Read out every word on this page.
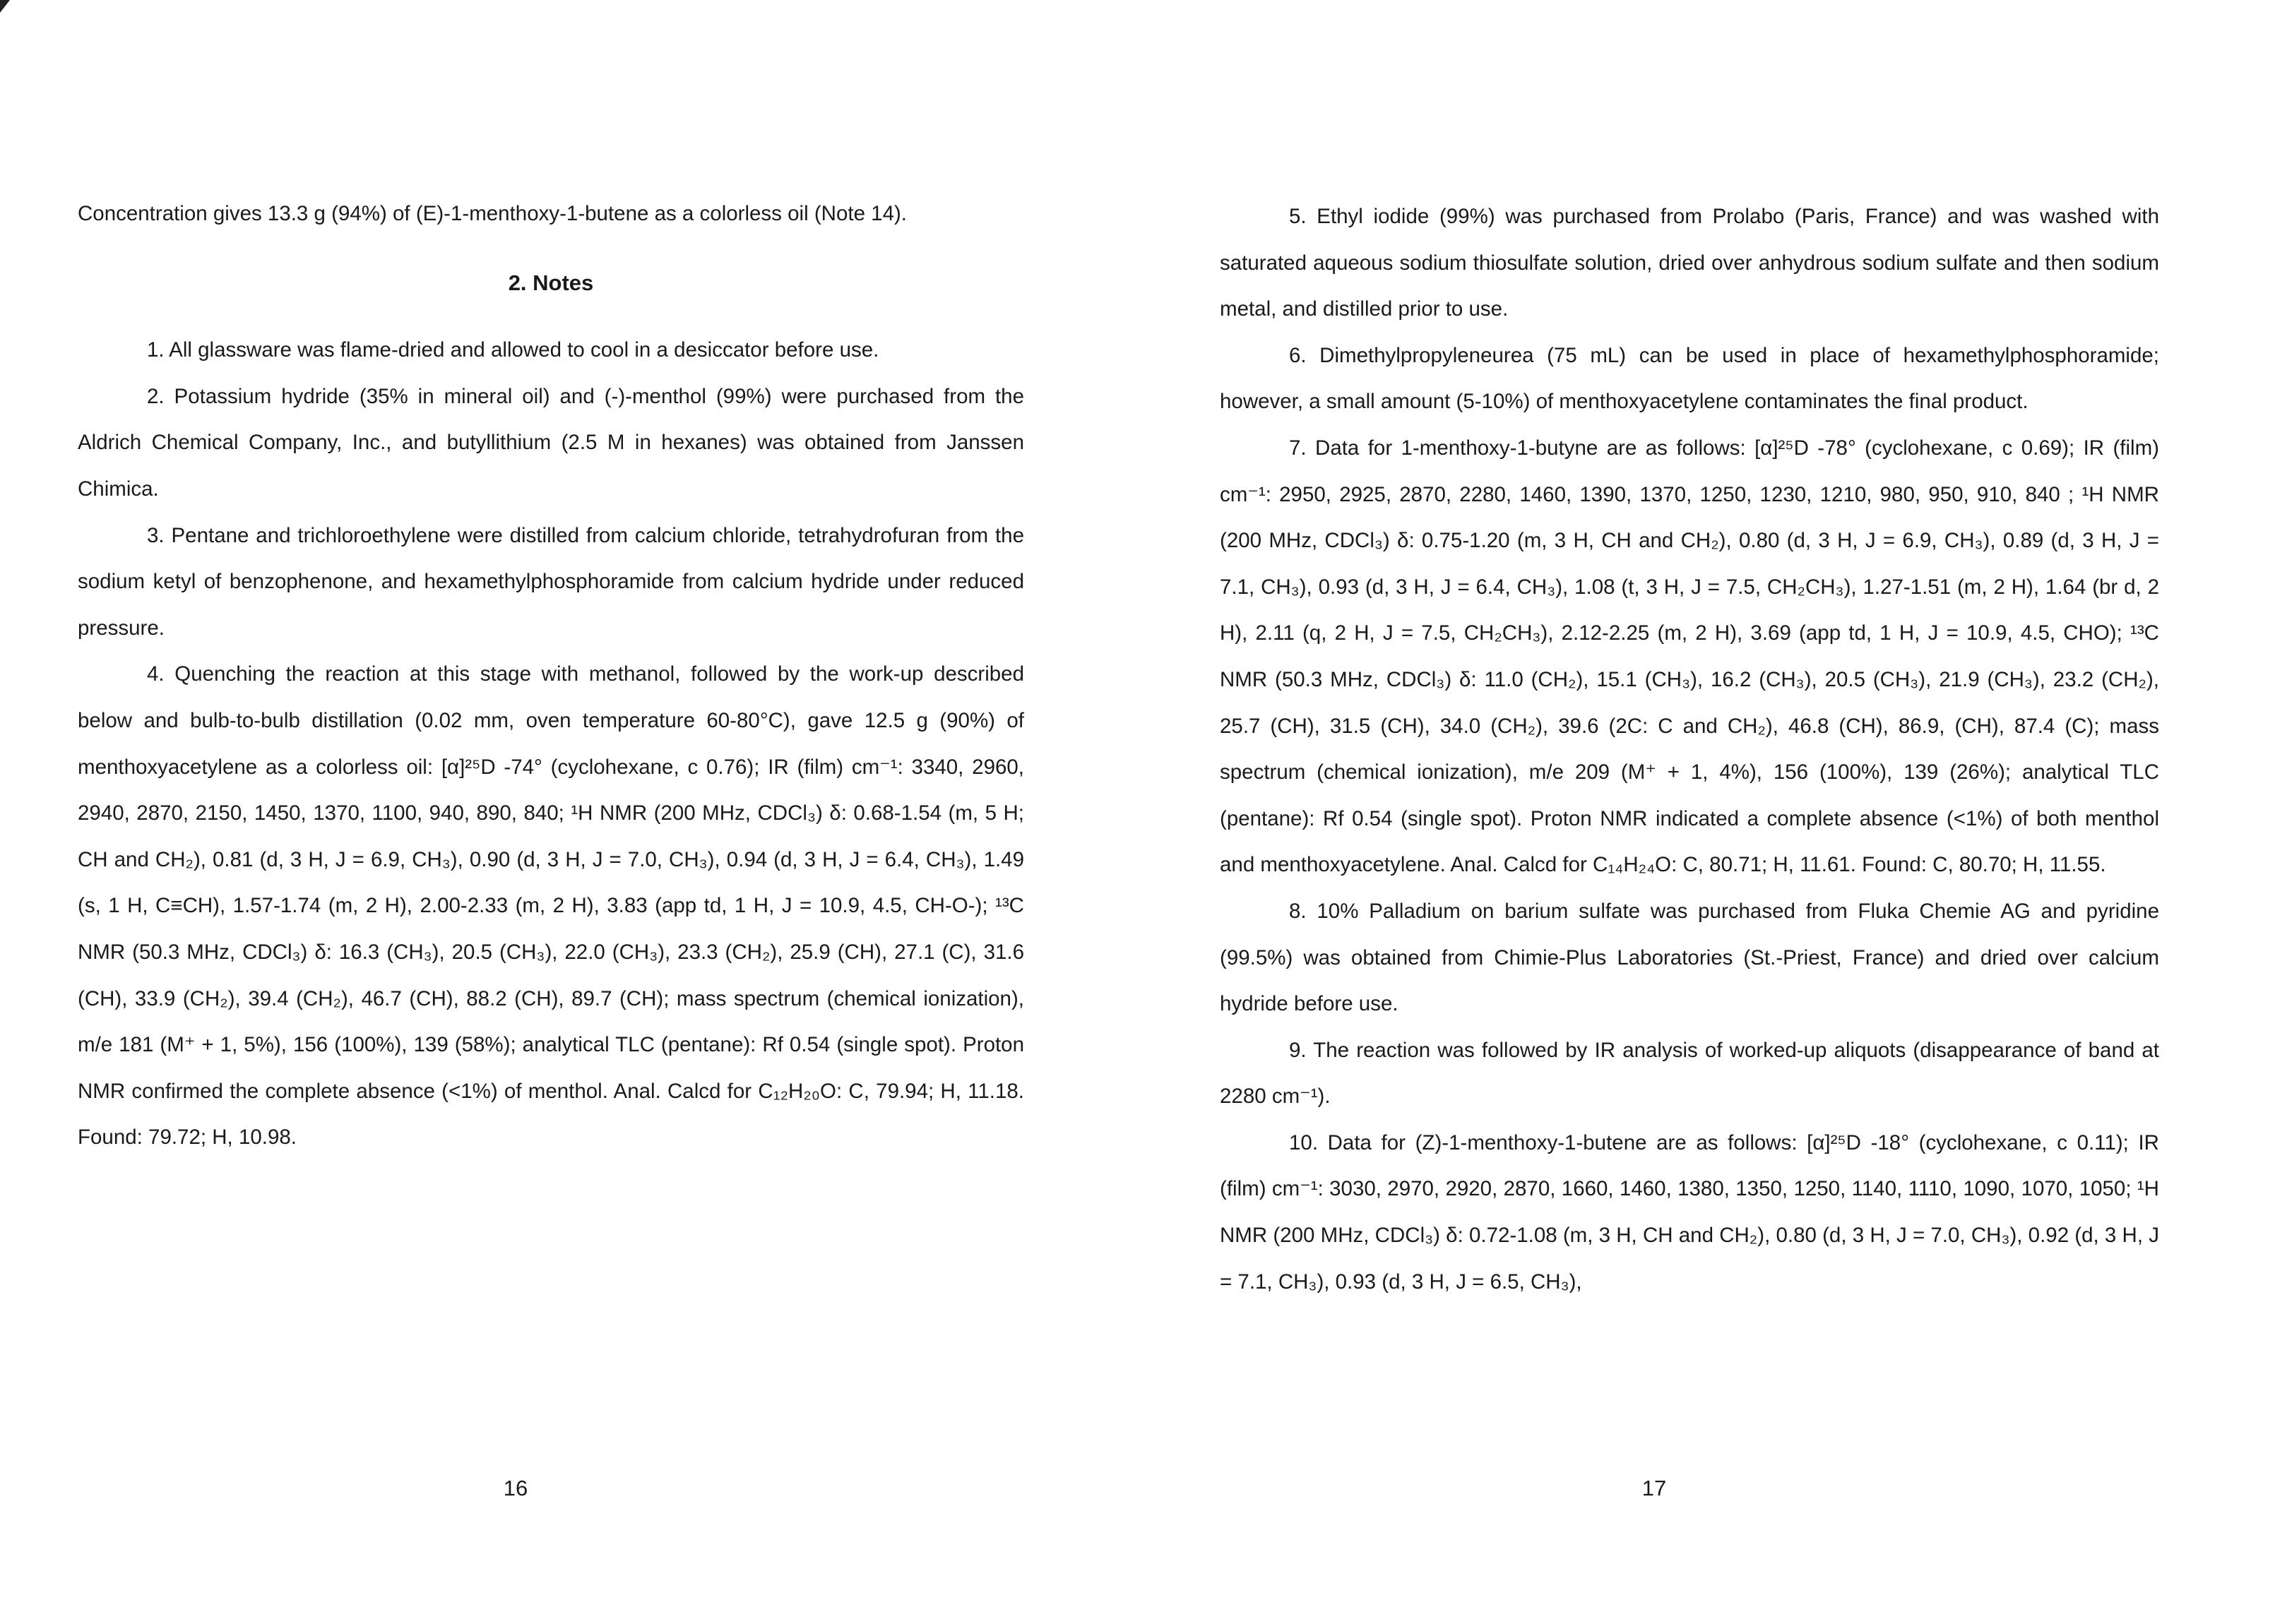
Concentration gives 13.3 g (94%) of (E)-1-menthoxy-1-butene as a colorless oil (Note 14).

2. Notes

1. All glassware was flame-dried and allowed to cool in a desiccator before use.

2. Potassium hydride (35% in mineral oil) and (-)-menthol (99%) were purchased from the Aldrich Chemical Company, Inc., and butyllithium (2.5 M in hexanes) was obtained from Janssen Chimica.

3. Pentane and trichloroethylene were distilled from calcium chloride, tetrahydrofuran from the sodium ketyl of benzophenone, and hexamethylphosphoramide from calcium hydride under reduced pressure.

4. Quenching the reaction at this stage with methanol, followed by the work-up described below and bulb-to-bulb distillation (0.02 mm, oven temperature 60-80°C), gave 12.5 g (90%) of menthoxyacetylene as a colorless oil: [α]²⁵D -74° (cyclohexane, c 0.76); IR (film) cm⁻¹: 3340, 2960, 2940, 2870, 2150, 1450, 1370, 1100, 940, 890, 840; ¹H NMR (200 MHz, CDCl₃) δ: 0.68-1.54 (m, 5 H; CH and CH₂), 0.81 (d, 3 H, J = 6.9, CH₃), 0.90 (d, 3 H, J = 7.0, CH₃), 0.94 (d, 3 H, J = 6.4, CH₃), 1.49 (s, 1 H, C≡CH), 1.57-1.74 (m, 2 H), 2.00-2.33 (m, 2 H), 3.83 (app td, 1 H, J = 10.9, 4.5, CH-O-); ¹³C NMR (50.3 MHz, CDCl₃) δ: 16.3 (CH₃), 20.5 (CH₃), 22.0 (CH₃), 23.3 (CH₂), 25.9 (CH), 27.1 (C), 31.6 (CH), 33.9 (CH₂), 39.4 (CH₂), 46.7 (CH), 88.2 (CH), 89.7 (CH); mass spectrum (chemical ionization), m/e 181 (M⁺ + 1, 5%), 156 (100%), 139 (58%); analytical TLC (pentane): Rf 0.54 (single spot). Proton NMR confirmed the complete absence (<1%) of menthol. Anal. Calcd for C₁₂H₂₀O: C, 79.94; H, 11.18. Found: 79.72; H, 10.98.

16

5. Ethyl iodide (99%) was purchased from Prolabo (Paris, France) and was washed with saturated aqueous sodium thiosulfate solution, dried over anhydrous sodium sulfate and then sodium metal, and distilled prior to use.

6. Dimethylpropyleneurea (75 mL) can be used in place of hexamethylphosphoramide; however, a small amount (5-10%) of menthoxyacetylene contaminates the final product.

7. Data for 1-menthoxy-1-butyne are as follows: [α]²⁵D -78° (cyclohexane, c 0.69); IR (film) cm⁻¹: 2950, 2925, 2870, 2280, 1460, 1390, 1370, 1250, 1230, 1210, 980, 950, 910, 840 ; ¹H NMR (200 MHz, CDCl₃) δ: 0.75-1.20 (m, 3 H, CH and CH₂), 0.80 (d, 3 H, J = 6.9, CH₃), 0.89 (d, 3 H, J = 7.1, CH₃), 0.93 (d, 3 H, J = 6.4, CH₃), 1.08 (t, 3 H, J = 7.5, CH₂CH₃), 1.27-1.51 (m, 2 H), 1.64 (br d, 2 H), 2.11 (q, 2 H, J = 7.5, CH₂CH₃), 2.12-2.25 (m, 2 H), 3.69 (app td, 1 H, J = 10.9, 4.5, CHO); ¹³C NMR (50.3 MHz, CDCl₃) δ: 11.0 (CH₂), 15.1 (CH₃), 16.2 (CH₃), 20.5 (CH₃), 21.9 (CH₃), 23.2 (CH₂), 25.7 (CH), 31.5 (CH), 34.0 (CH₂), 39.6 (2C: C and CH₂), 46.8 (CH), 86.9, (CH), 87.4 (C); mass spectrum (chemical ionization), m/e 209 (M⁺ + 1, 4%), 156 (100%), 139 (26%); analytical TLC (pentane): Rf 0.54 (single spot). Proton NMR indicated a complete absence (<1%) of both menthol and menthoxyacetylene. Anal. Calcd for C₁₄H₂₄O: C, 80.71; H, 11.61. Found: C, 80.70; H, 11.55.

8. 10% Palladium on barium sulfate was purchased from Fluka Chemie AG and pyridine (99.5%) was obtained from Chimie-Plus Laboratories (St.-Priest, France) and dried over calcium hydride before use.

9. The reaction was followed by IR analysis of worked-up aliquots (disappearance of band at 2280 cm⁻¹).

10. Data for (Z)-1-menthoxy-1-butene are as follows: [α]²⁵D -18° (cyclohexane, c 0.11); IR (film) cm⁻¹: 3030, 2970, 2920, 2870, 1660, 1460, 1380, 1350, 1250, 1140, 1110, 1090, 1070, 1050; ¹H NMR (200 MHz, CDCl₃) δ: 0.72-1.08 (m, 3 H, CH and CH₂), 0.80 (d, 3 H, J = 7.0, CH₃), 0.92 (d, 3 H, J = 7.1, CH₃), 0.93 (d, 3 H, J = 6.5, CH₃),

17
